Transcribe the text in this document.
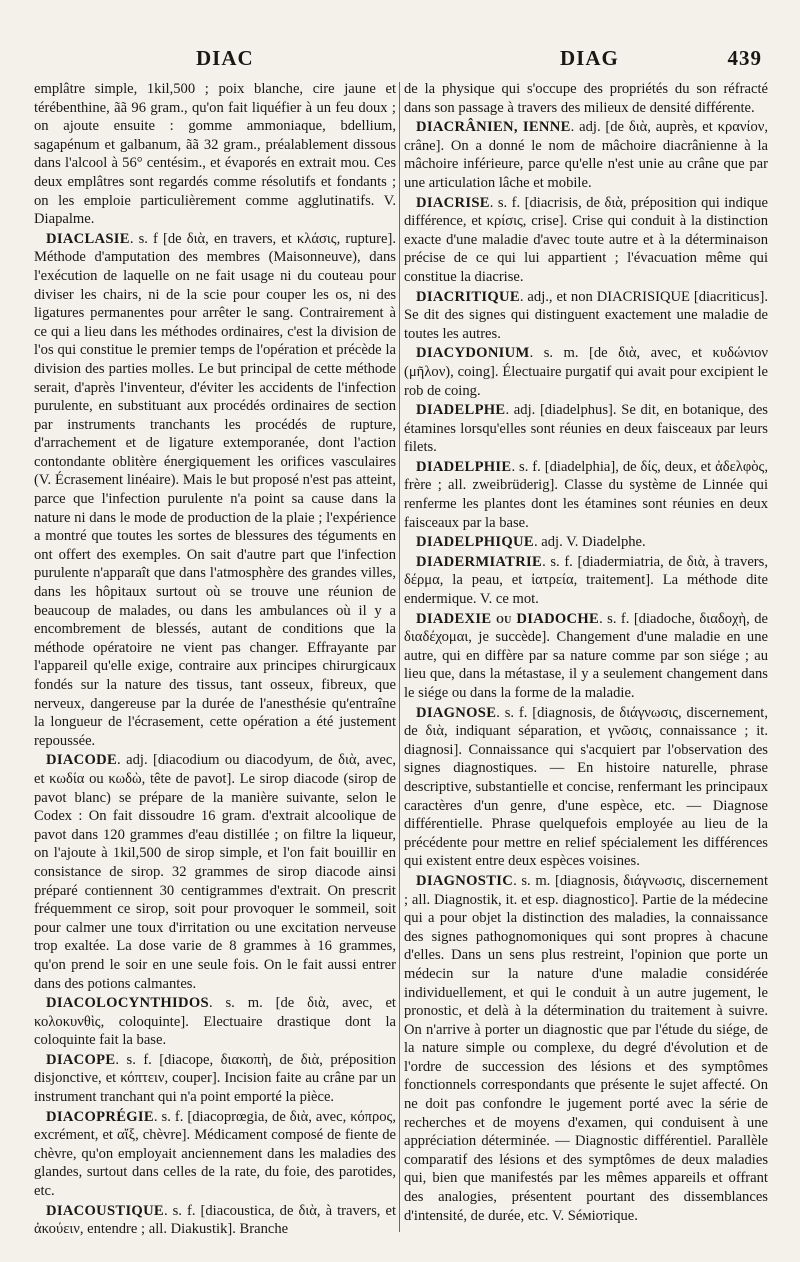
DIAC	DIAG	439

emplâtre simple, 1kil,500 ; poix blanche, cire jaune et térébenthine, ãã 96 gram., qu'on fait liquéfier à un feu doux ; on ajoute ensuite : gomme ammoniaque, bdellium, sagapénum et galbanum, ãã 32 gram., préalablement dissous dans l'alcool à 56° centésim., et évaporés en extrait mou. Ces deux emplâtres sont regardés comme résolutifs et fondants ; on les emploie particulièrement comme agglutinatifs. V. Diapalme.

DIACLASIE. s. f [de διὰ, en travers, et κλάσις, rupture]. Méthode d'amputation des membres (Maisonneuve), dans l'exécution de laquelle on ne fait usage ni du couteau pour diviser les chairs, ni de la scie pour couper les os, ni des ligatures permanentes pour arrêter le sang. Contrairement à ce qui a lieu dans les méthodes ordinaires, c'est la division de l'os qui constitue le premier temps de l'opération et précède la division des parties molles. Le but principal de cette méthode serait, d'après l'inventeur, d'éviter les accidents de l'infection purulente, en substituant aux procédés ordinaires de section par instruments tranchants les procédés de rupture, d'arrachement et de ligature extemporanée, dont l'action contondante oblitère énergiquement les orifices vasculaires (V. Écrasement linéaire). Mais le but proposé n'est pas atteint, parce que l'infection purulente n'a point sa cause dans la nature ni dans le mode de production de la plaie ; l'expérience a montré que toutes les sortes de blessures des téguments en ont offert des exemples. On sait d'autre part que l'infection purulente n'apparaît que dans l'atmosphère des grandes villes, dans les hôpitaux surtout où se trouve une réunion de beaucoup de malades, ou dans les ambulances où il y a encombrement de blessés, autant de conditions que la méthode opératoire ne vient pas changer. Effrayante par l'appareil qu'elle exige, contraire aux principes chirurgicaux fondés sur la nature des tissus, tant osseux, fibreux, que nerveux, dangereuse par la durée de l'anesthésie qu'entraîne la longueur de l'écrasement, cette opération a été justement repoussée.

DIACODE. adj. [diacodium ou diacodyum, de διὰ, avec, et κωδία ou κωδὼ, tête de pavot]. Le sirop diacode (sirop de pavot blanc) se prépare de la manière suivante, selon le Codex : On fait dissoudre 16 gram. d'extrait alcoolique de pavot dans 120 grammes d'eau distillée ; on filtre la liqueur, on l'ajoute à 1kil,500 de sirop simple, et l'on fait bouillir en consistance de sirop. 32 grammes de sirop diacode ainsi préparé contiennent 30 centigrammes d'extrait. On prescrit fréquemment ce sirop, soit pour provoquer le sommeil, soit pour calmer une toux d'irritation ou une excitation nerveuse trop exaltée. La dose varie de 8 grammes à 16 grammes, qu'on prend le soir en une seule fois. On le fait aussi entrer dans des potions calmantes.

DIACOLOCYNTHIDOS. s. m. [de διὰ, avec, et κολοκυνθὶς, coloquinte]. Electuaire drastique dont la coloquinte fait la base.

DIACOPE. s. f. [diacope, διακοπὴ, de διὰ, préposition disjonctive, et κόπτειν, couper]. Incision faite au crâne par un instrument tranchant qui n'a point emporté la pièce.

DIACOPRÉGIE. s. f. [diacoprœgia, de διὰ, avec, κόπρος, excrément, et αἴξ, chèvre]. Médicament composé de fiente de chèvre, qu'on employait anciennement dans les maladies des glandes, surtout dans celles de la rate, du foie, des parotides, etc.

DIACOUSTIQUE. s. f. [diacoustica, de διὰ, à travers, et ἀκούειν, entendre ; all. Diakustik]. Branche

de la physique qui s'occupe des propriétés du son réfracté dans son passage à travers des milieux de densité différente.

DIACRÂNIEN, IENNE. adj. [de διὰ, auprès, et κρανίον, crâne]. On a donné le nom de mâchoire diacrânienne à la mâchoire inférieure, parce qu'elle n'est unie au crâne que par une articulation lâche et mobile.

DIACRISE. s. f. [diacrisis, de διὰ, préposition qui indique différence, et κρίσις, crise]. Crise qui conduit à la distinction exacte d'une maladie d'avec toute autre et à la déterminaison précise de ce qui lui appartient ; l'évacuation même qui constitue la diacrise.

DIACRITIQUE. adj., et non DIACRISIQUE [diacriticus]. Se dit des signes qui distinguent exactement une maladie de toutes les autres.

DIACYDONIUM. s. m. [de διὰ, avec, et κυδώνιον (μῆλον), coing]. Électuaire purgatif qui avait pour excipient le rob de coing.

DIADELPHE. adj. [diadelphus]. Se dit, en botanique, des étamines lorsqu'elles sont réunies en deux faisceaux par leurs filets.

DIADELPHIE. s. f. [diadelphia], de δίς, deux, et ἀδελφὸς, frère ; all. zweibrüderig]. Classe du système de Linnée qui renferme les plantes dont les étamines sont réunies en deux faisceaux par la base.

DIADELPHIQUE. adj. V. Diadelphe.

DIADERMIATRIE. s. f. [diadermiatria, de διὰ, à travers, δέρμα, la peau, et ἰατρεία, traitement]. La méthode dite endermique. V. ce mot.

DIADEXIE ou DIADOCHE. s. f. [diadoche, διαδοχὴ, de διαδέχομαι, je succède]. Changement d'une maladie en une autre, qui en diffère par sa nature comme par son siége ; au lieu que, dans la métastase, il y a seulement changement dans le siége ou dans la forme de la maladie.

DIAGNOSE. s. f. [diagnosis, de διάγνωσις, discernement, de διὰ, indiquant séparation, et γνῶσις, connaissance ; it. diagnosi]. Connaissance qui s'acquiert par l'observation des signes diagnostiques. — En histoire naturelle, phrase descriptive, substantielle et concise, renfermant les principaux caractères d'un genre, d'une espèce, etc. — Diagnose différentielle. Phrase quelquefois employée au lieu de la précédente pour mettre en relief spécialement les différences qui existent entre deux espèces voisines.

DIAGNOSTIC. s. m. [diagnosis, διάγνωσις, discernement ; all. Diagnostik, it. et esp. diagnostico]. Partie de la médecine qui a pour objet la distinction des maladies, la connaissance des signes pathognomoniques qui sont propres à chacune d'elles. Dans un sens plus restreint, l'opinion que porte un médecin sur la nature d'une maladie considérée individuellement, et qui le conduit à un autre jugement, le pronostic, et delà à la détermination du traitement à suivre. On n'arrive à porter un diagnostic que par l'étude du siége, de la nature simple ou complexe, du degré d'évolution et de l'ordre de succession des lésions et des symptômes fonctionnels correspondants que présente le sujet affecté. On ne doit pas confondre le jugement porté avec la série de recherches et de moyens d'examen, qui conduisent à une appréciation déterminée. — Diagnostic différentiel. Parallèle comparatif des lésions et des symptômes de deux maladies qui, bien que manifestés par les mêmes appareils et offrant des analogies, présentent pourtant des dissemblances d'intensité, de durée, etc. V. Séміотіque.
